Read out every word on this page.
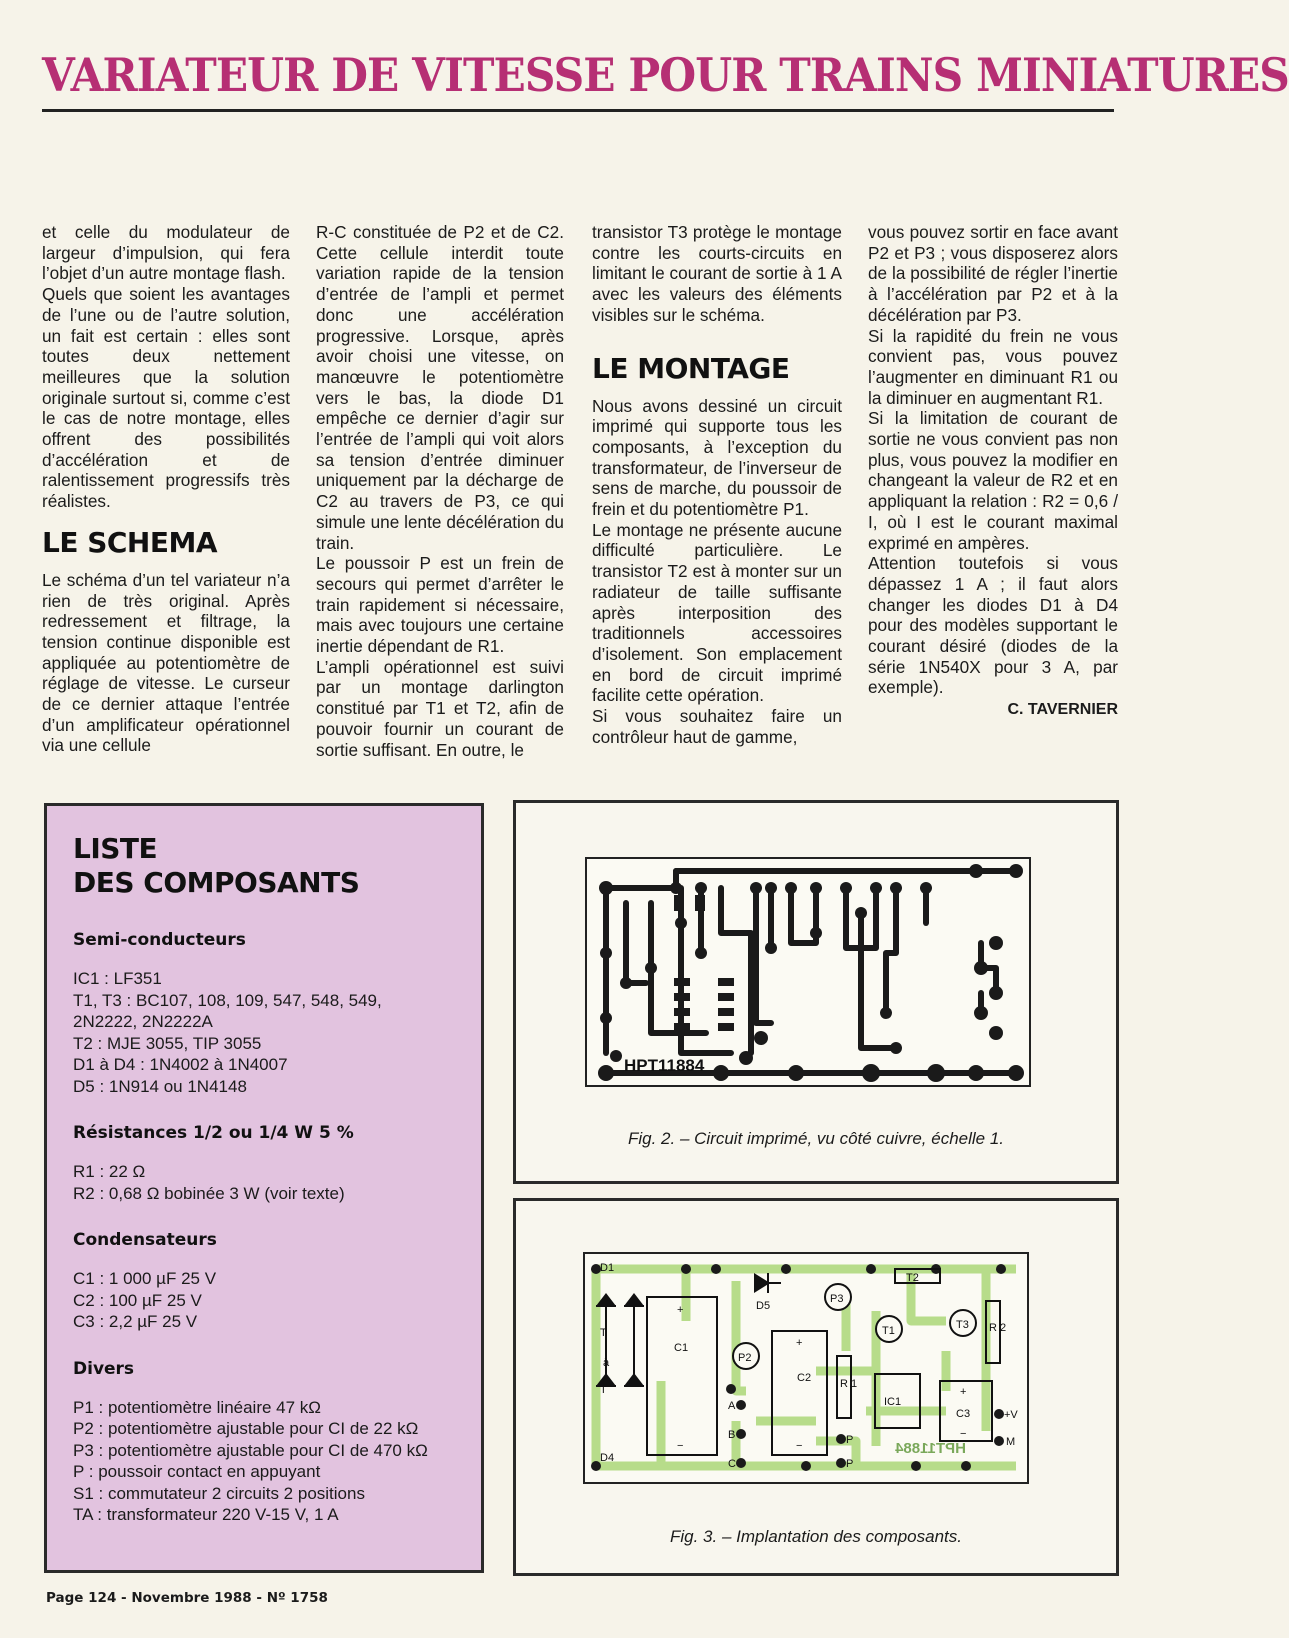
VARIATEUR DE VITESSE POUR TRAINS MINIATURES

et celle du modulateur de largeur d’impulsion, qui fera l’objet d’un autre montage flash.

Quels que soient les avantages de l’une ou de l’autre solution, un fait est certain : elles sont toutes deux nettement meilleures que la solution originale surtout si, comme c’est le cas de notre montage, elles offrent des possibilités d’accélération et de ralentissement progressifs très réalistes.

LE SCHEMA

Le schéma d’un tel variateur n’a rien de très original. Après redressement et filtrage, la tension continue disponible est appliquée au potentiomètre de réglage de vitesse. Le curseur de ce dernier attaque l’entrée d’un amplificateur opérationnel via une cellule

R-C constituée de P2 et de C2. Cette cellule interdit toute variation rapide de la tension d’entrée de l’ampli et permet donc une accélération progressive. Lorsque, après avoir choisi une vitesse, on manœuvre le potentiomètre vers le bas, la diode D1 empêche ce dernier d’agir sur l’entrée de l’ampli qui voit alors sa tension d’entrée diminuer uniquement par la décharge de C2 au travers de P3, ce qui simule une lente décélération du train.

Le poussoir P est un frein de secours qui permet d’arrêter le train rapidement si nécessaire, mais avec toujours une certaine inertie dépendant de R1.

L’ampli opérationnel est suivi par un montage darlington constitué par T1 et T2, afin de pouvoir fournir un courant de sortie suffisant. En outre, le

transistor T3 protège le montage contre les courts-circuits en limitant le courant de sortie à 1 A avec les valeurs des éléments visibles sur le schéma.

LE MONTAGE

Nous avons dessiné un circuit imprimé qui supporte tous les composants, à l’exception du transformateur, de l’inverseur de sens de marche, du poussoir de frein et du potentiomètre P1.

Le montage ne présente aucune difficulté particulière. Le transistor T2 est à monter sur un radiateur de taille suffisante après interposition des traditionnels accessoires d’isolement. Son emplacement en bord de circuit imprimé facilite cette opération.

Si vous souhaitez faire un contrôleur haut de gamme,

vous pouvez sortir en face avant P2 et P3 ; vous disposerez alors de la possibilité de régler l’inertie à l’accélération par P2 et à la décélération par P3.

Si la rapidité du frein ne vous convient pas, vous pouvez l’augmenter en diminuant R1 ou la diminuer en augmentant R1.

Si la limitation de courant de sortie ne vous convient pas non plus, vous pouvez la modifier en changeant la valeur de R2 et en appliquant la relation : R2 = 0,6 / I, où I est le courant maximal exprimé en ampères.

Attention toutefois si vous dépassez 1 A ; il faut alors changer les diodes D1 à D4 pour des modèles supportant le courant désiré (diodes de la série 1N540X pour 3 A, par exemple).

C. TAVERNIER
LISTE
DES COMPOSANTS
Semi-conducteurs
IC1 : LF351
T1, T3 : BC107, 108, 109, 547, 548, 549,
2N2222, 2N2222A
T2 : MJE 3055, TIP 3055
D1 à D4 : 1N4002 à 1N4007
D5 : 1N914 ou 1N4148
Résistances 1/2 ou 1/4 W 5 %
R1 : 22 Ω
R2 : 0,68 Ω bobinée 3 W (voir texte)
Condensateurs
C1 : 1 000 µF 25 V
C2 : 100 µF 25 V
C3 : 2,2 µF 25 V
Divers
P1 : potentiomètre linéaire 47 kΩ
P2 : potentiomètre ajustable pour CI de 22 kΩ
P3 : potentiomètre ajustable pour CI de 470 kΩ
P : poussoir contact en appuyant
S1 : commutateur 2 circuits 2 positions
TA : transformateur 220 V-15 V, 1 A
HPT11884
Fig. 2. – Circuit imprimé, vu côté cuivre, échelle 1.
D1
D4
D5
T
à
T
C1
C2
C3
P2
P3
T1
T2
T3
R 1
R 2
IC1
A
B
C
P
P
+V
M
+
−
+
−
+
−
HPT11884
Fig. 3. – Implantation des composants.
Page 124 - Novembre 1988 - Nº 1758
